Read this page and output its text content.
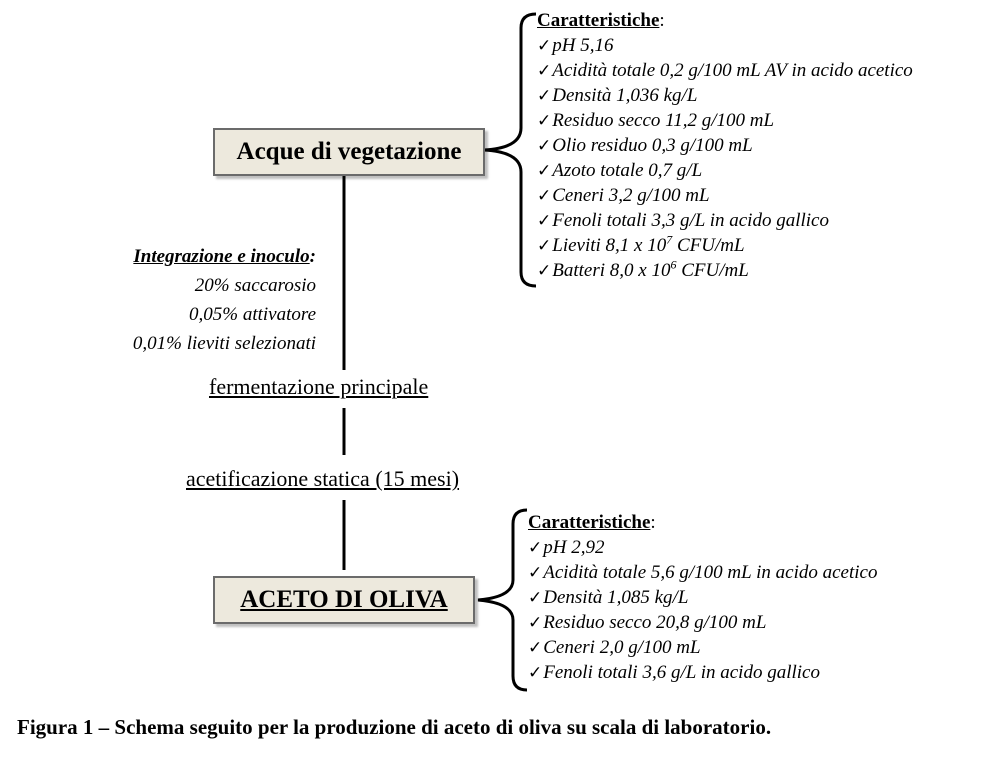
Acque di vegetazione
ACETO DI OLIVA
Caratteristiche:
✓pH 5,16
✓Acidità totale 0,2 g/100 mL AV in acido acetico
✓Densità 1,036 kg/L
✓Residuo secco 11,2 g/100 mL
✓Olio residuo 0,3 g/100 mL
✓Azoto totale 0,7 g/L
✓Ceneri 3,2 g/100 mL
✓Fenoli totali 3,3 g/L in acido gallico
✓Lieviti 8,1 x $10^7$ CFU/mL
✓Batteri 8,0 x $10^6$ CFU/mL
Caratteristiche:
✓pH 2,92
✓Acidità totale 5,6 g/100 mL in acido acetico
✓Densità 1,085 kg/L
✓Residuo secco 20,8 g/100 mL
✓Ceneri 2,0 g/100 mL
✓Fenoli totali 3,6 g/L in acido gallico
Integrazione e inoculo:
20% saccarosio
0,05% attivatore
0,01% lieviti selezionati
fermentazione principale
acetificazione statica (15 mesi)
Figura 1 – Schema seguito per la produzione di aceto di oliva su scala di laboratorio.
